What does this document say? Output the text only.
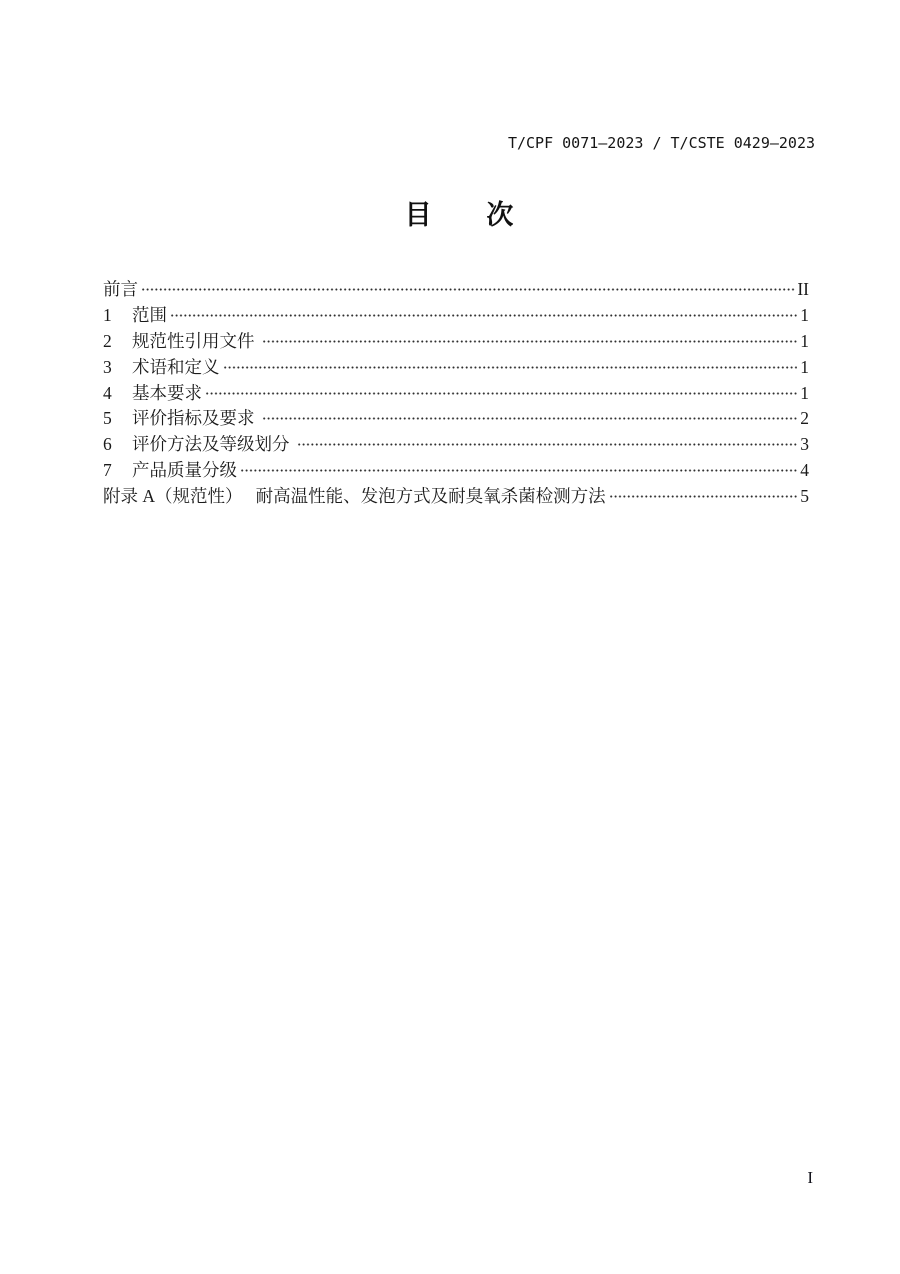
T/CPF 0071—2023 / T/CSTE 0429—2023

目  次
前言	II
1	范围	1
2	规范性引用文件	1
3	术语和定义	1
4	基本要求	1
5	评价指标及要求	2
6	评价方法及等级划分	3
7	产品质量分级	4
附录 A（规范性）　 耐高温性能、发泡方式及耐臭氧杀菌检测方法	5
I
